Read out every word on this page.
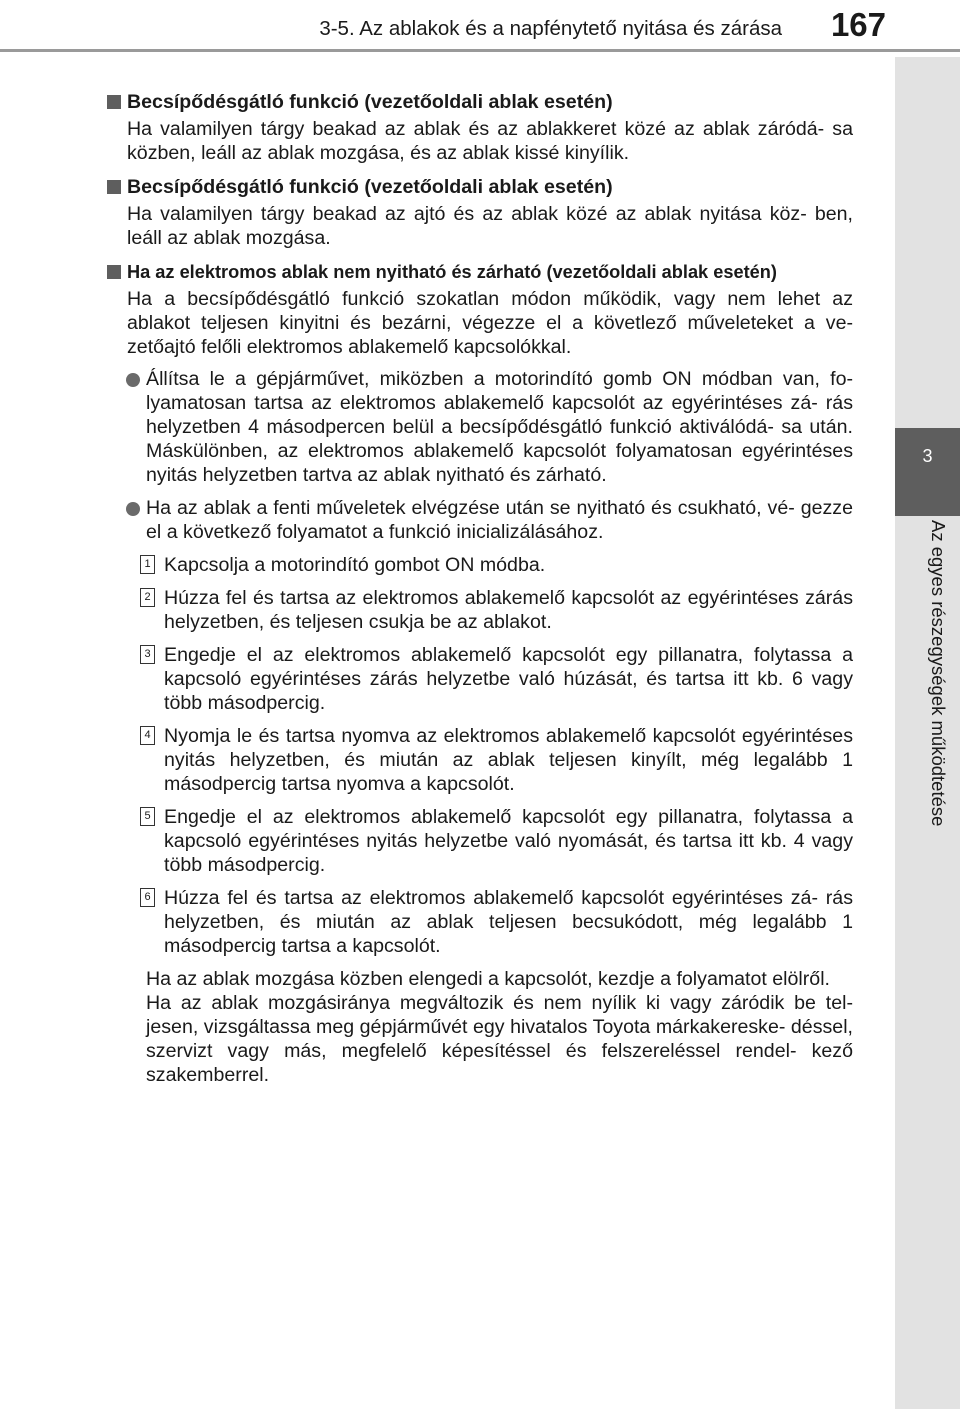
3-5. Az ablakok és a napfénytető nyitása és zárása 167
3
Az egyes részegységek működtetése
Becsípődésgátló funkció (vezetőoldali ablak esetén)
Ha valamilyen tárgy beakad az ablak és az ablakkeret közé az ablak záródá- sa közben, leáll az ablak mozgása, és az ablak kissé kinyílik.
Becsípődésgátló funkció (vezetőoldali ablak esetén)
Ha valamilyen tárgy beakad az ajtó és az ablak közé az ablak nyitása köz- ben, leáll az ablak mozgása.
Ha az elektromos ablak nem nyitható és zárható (vezetőoldali ablak esetén)
Ha a becsípődésgátló funkció szokatlan módon működik, vagy nem lehet az ablakot teljesen kinyitni és bezárni, végezze el a követlező műveleteket a ve- zetőajtó felőli elektromos ablakemelő kapcsolókkal.
Állítsa le a gépjárművet, miközben a motorindító gomb ON módban van, fo- lyamatosan tartsa az elektromos ablakemelő kapcsolót az egyérintéses zá- rás helyzetben 4 másodpercen belül a becsípődésgátló funkció aktiválódá- sa után. Máskülönben, az elektromos ablakemelő kapcsolót folyamatosan egyérintéses nyitás helyzetben tartva az ablak nyitható és zárható.
Ha az ablak a fenti műveletek elvégzése után se nyitható és csukható, vé- gezze el a következő folyamatot a funkció inicializálásához.
1 Kapcsolja a motorindító gombot ON módba.
2 Húzza fel és tartsa az elektromos ablakemelő kapcsolót az egyérintéses zárás helyzetben, és teljesen csukja be az ablakot.
3 Engedje el az elektromos ablakemelő kapcsolót egy pillanatra, folytassa a kapcsoló egyérintéses zárás helyzetbe való húzását, és tartsa itt kb. 6 vagy több másodpercig.
4 Nyomja le és tartsa nyomva az elektromos ablakemelő kapcsolót egyérintéses nyitás helyzetben, és miután az ablak teljesen kinyílt, még legalább 1 másodpercig tartsa nyomva a kapcsolót.
5 Engedje el az elektromos ablakemelő kapcsolót egy pillanatra, folytassa a kapcsoló egyérintéses nyitás helyzetbe való nyomását, és tartsa itt kb. 4 vagy több másodpercig.
6 Húzza fel és tartsa az elektromos ablakemelő kapcsolót egyérintéses zá- rás helyzetben, és miután az ablak teljesen becsukódott, még legalább 1 másodpercig tartsa a kapcsolót.

Ha az ablak mozgása közben elengedi a kapcsolót, kezdje a folyamatot elölről.

Ha az ablak mozgásiránya megváltozik és nem nyílik ki vagy záródik be tel- jesen, vizsgáltassa meg gépjárművét egy hivatalos Toyota márkakereske- déssel, szervizt vagy más, megfelelő képesítéssel és felszereléssel rendel- kező szakemberrel.
